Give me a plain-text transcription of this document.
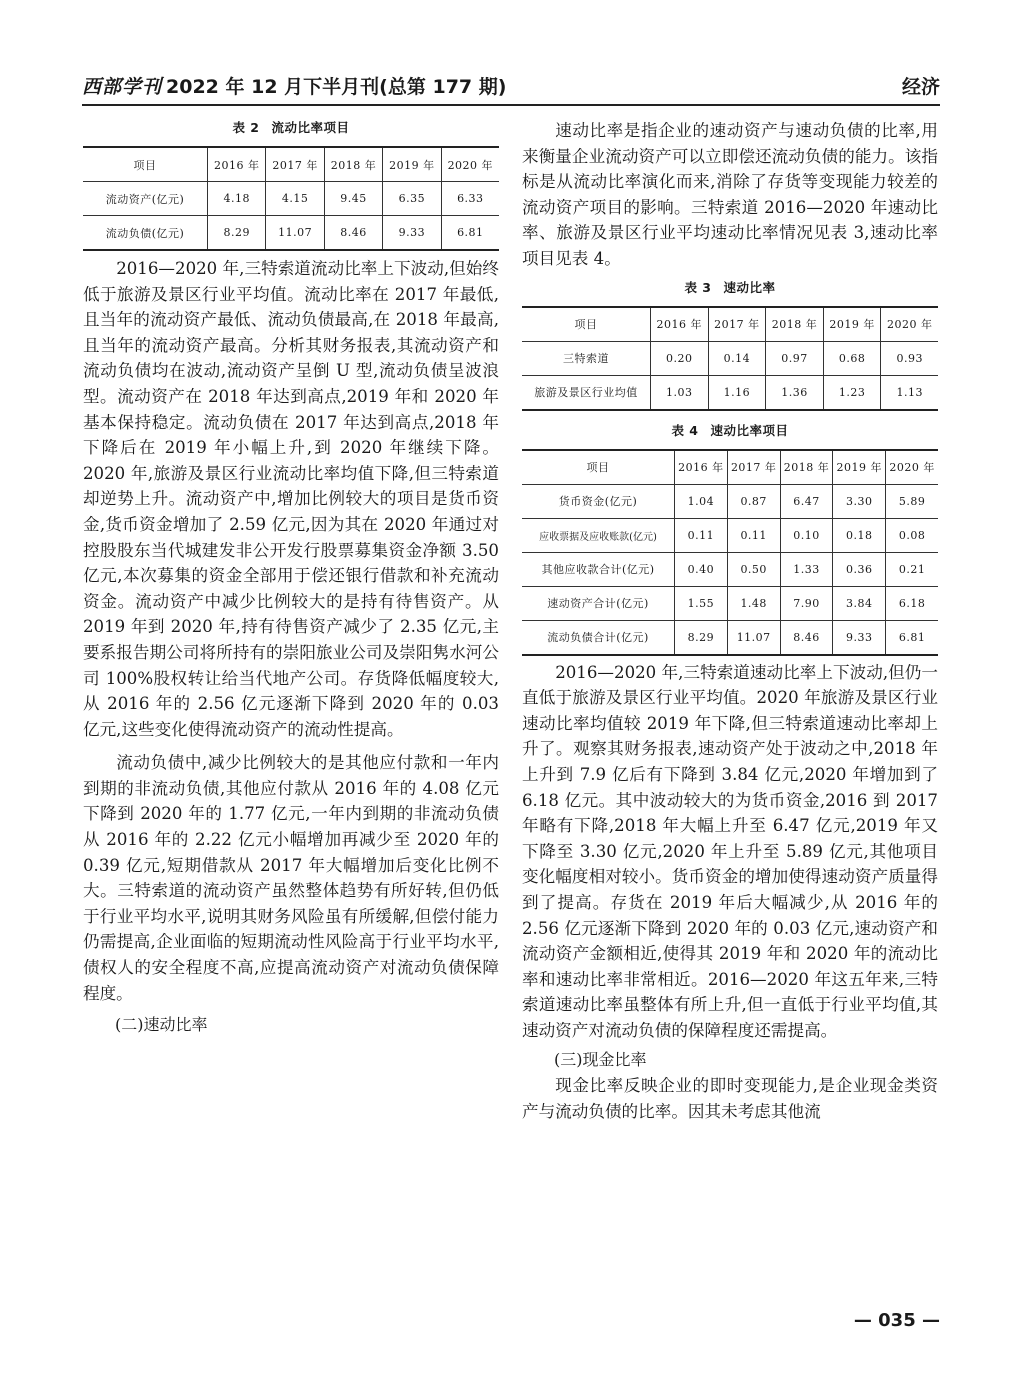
西部学刊 2022 年 12 月下半月刊(总第 177 期)	经济
表 2 流动比率项目
项目	2016 年	2017 年	2018 年	2019 年	2020 年
流动资产(亿元)	4.18	4.15	9.45	6.35	6.33
流动负债(亿元)	8.29	11.07	8.46	9.33	6.81

2016—2020 年,三特索道流动比率上下波动,但始终低于旅游及景区行业平均值。流动比率在 2017 年最低,且当年的流动资产最低、流动负债最高,在 2018 年最高,且当年的流动资产最高。分析其财务报表,其流动资产和流动负债均在波动,流动资产呈倒 U 型,流动负债呈波浪型。流动资产在 2018 年达到高点,2019 年和 2020 年基本保持稳定。流动负债在 2017 年达到高点,2018 年下降后在 2019 年小幅上升,到 2020 年继续下降。2020 年,旅游及景区行业流动比率均值下降,但三特索道却逆势上升。流动资产中,增加比例较大的项目是货币资金,货币资金增加了 2.59 亿元,因为其在 2020 年通过对控股股东当代城建发非公开发行股票募集资金净额 3.50 亿元,本次募集的资金全部用于偿还银行借款和补充流动资金。流动资产中减少比例较大的是持有待售资产。从 2019 年到 2020 年,持有待售资产减少了 2.35 亿元,主要系报告期公司将所持有的崇阳旅业公司及崇阳隽水河公司 100%股权转让给当代地产公司。存货降低幅度较大,从 2016 年的 2.56 亿元逐渐下降到 2020 年的 0.03 亿元,这些变化使得流动资产的流动性提高。

流动负债中,减少比例较大的是其他应付款和一年内到期的非流动负债,其他应付款从 2016 年的 4.08 亿元下降到 2020 年的 1.77 亿元,一年内到期的非流动负债从 2016 年的 2.22 亿元小幅增加再减少至 2020 年的 0.39 亿元,短期借款从 2017 年大幅增加后变化比例不大。三特索道的流动资产虽然整体趋势有所好转,但仍低于行业平均水平,说明其财务风险虽有所缓解,但偿付能力仍需提高,企业面临的短期流动性风险高于行业平均水平,债权人的安全程度不高,应提高流动资产对流动负债保障程度。

(二)速动比率

速动比率是指企业的速动资产与速动负债的比率,用来衡量企业流动资产可以立即偿还流动负债的能力。该指标是从流动比率演化而来,消除了存货等变现能力较差的流动资产项目的影响。三特索道 2016—2020 年速动比率、旅游及景区行业平均速动比率情况见表 3,速动比率项目见表 4。

表 3 速动比率
项目	2016 年	2017 年	2018 年	2019 年	2020 年
三特索道	0.20	0.14	0.97	0.68	0.93
旅游及景区行业均值	1.03	1.16	1.36	1.23	1.13
表 4 速动比率项目
项目	2016 年	2017 年	2018 年	2019 年	2020 年
货币资金(亿元)	1.04	0.87	6.47	3.30	5.89
应收票据及应收账款(亿元)	0.11	0.11	0.10	0.18	0.08
其他应收款合计(亿元)	0.40	0.50	1.33	0.36	0.21
速动资产合计(亿元)	1.55	1.48	7.90	3.84	6.18
流动负债合计(亿元)	8.29	11.07	8.46	9.33	6.81

2016—2020 年,三特索道速动比率上下波动,但仍一直低于旅游及景区行业平均值。2020 年旅游及景区行业速动比率均值较 2019 年下降,但三特索道速动比率却上升了。观察其财务报表,速动资产处于波动之中,2018 年上升到 7.9 亿后有下降到 3.84 亿元,2020 年增加到了 6.18 亿元。其中波动较大的为货币资金,2016 到 2017 年略有下降,2018 年大幅上升至 6.47 亿元,2019 年又下降至 3.30 亿元,2020 年上升至 5.89 亿元,其他项目变化幅度相对较小。货币资金的增加使得速动资产质量得到了提高。存货在 2019 年后大幅减少,从 2016 年的 2.56 亿元逐渐下降到 2020 年的 0.03 亿元,速动资产和流动资产金额相近,使得其 2019 年和 2020 年的流动比率和速动比率非常相近。2016—2020 年这五年来,三特索道速动比率虽整体有所上升,但一直低于行业平均值,其速动资产对流动负债的保障程度还需提高。

(三)现金比率

现金比率反映企业的即时变现能力,是企业现金类资产与流动负债的比率。因其未考虑其他流

— 035 —
